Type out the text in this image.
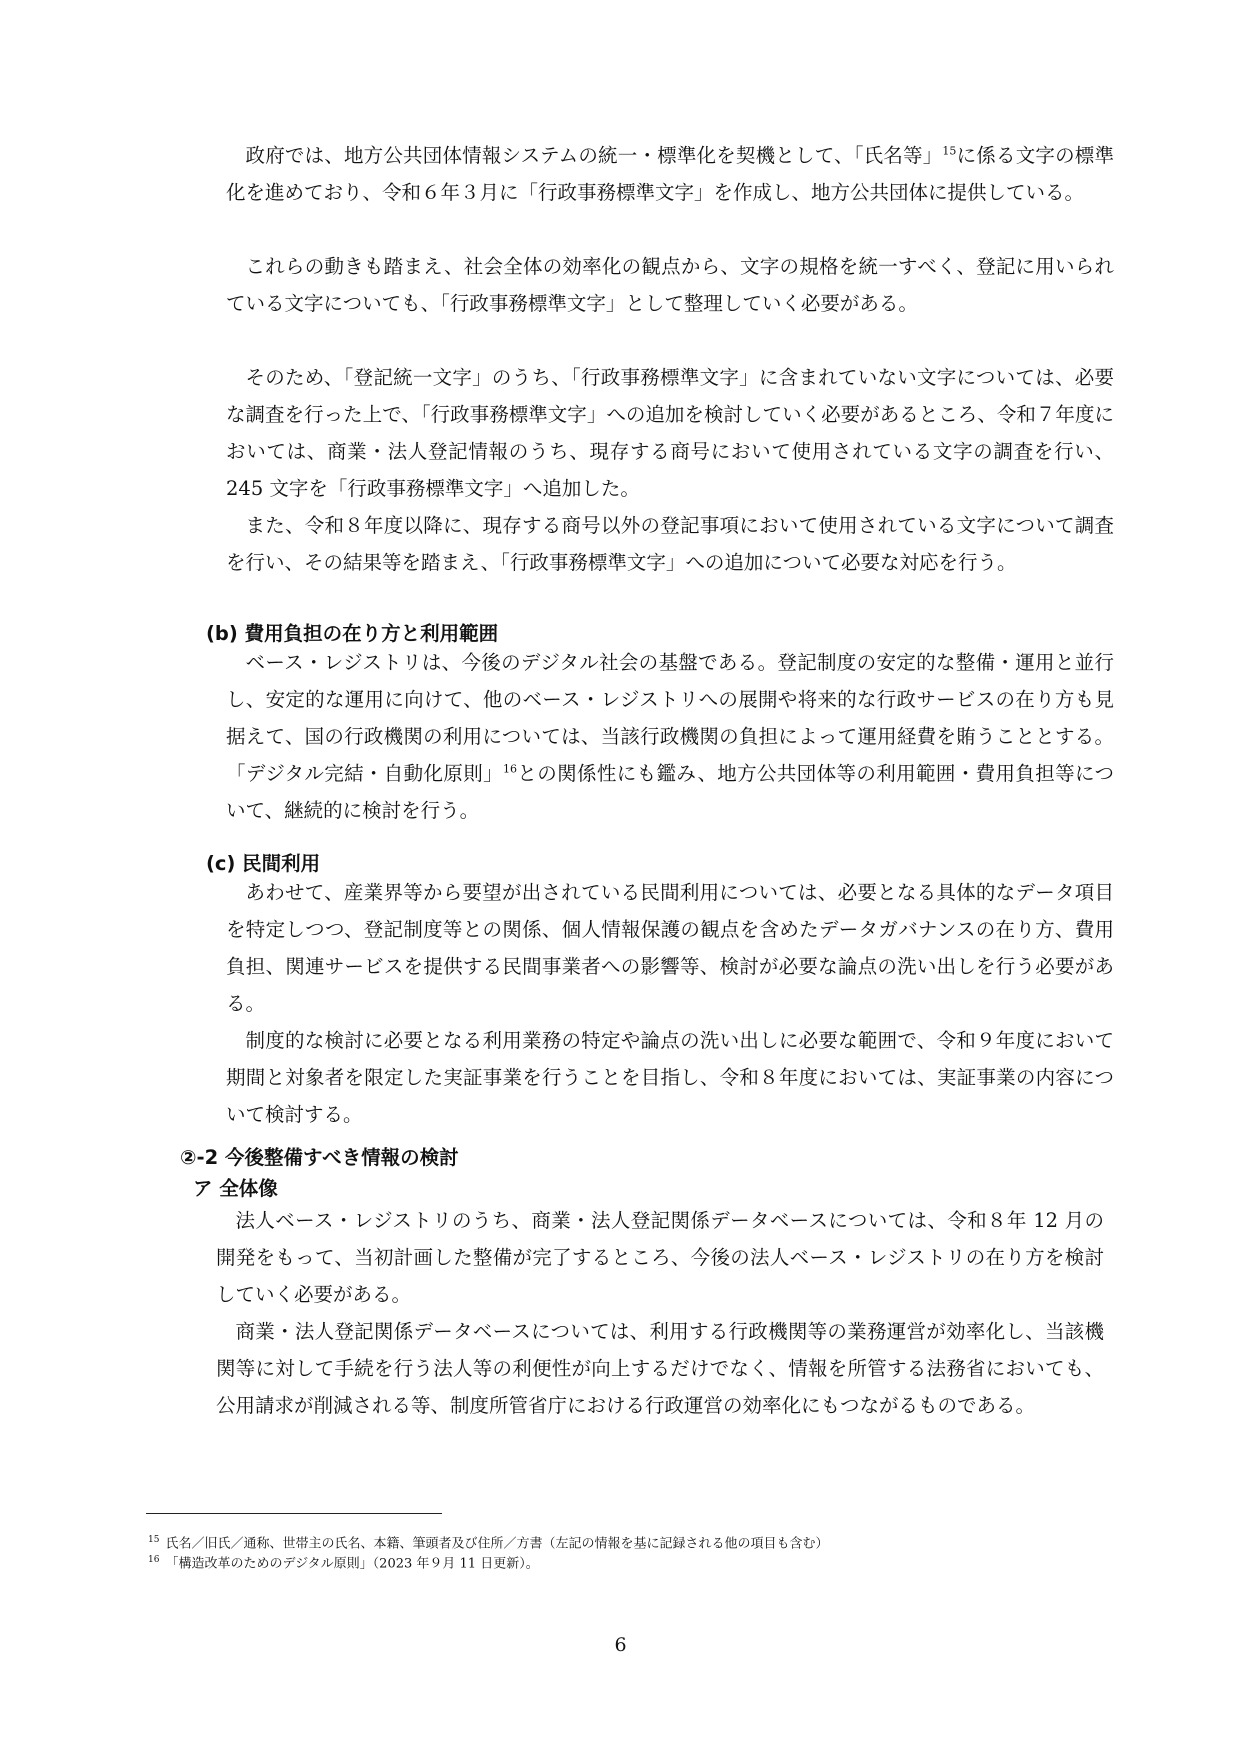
政府では、地方公共団体情報システムの統一・標準化を契機として、「氏名等」$^{15}$に係る文字の標準化を進めており、令和６年３月に「行政事務標準文字」を作成し、地方公共団体に提供している。

これらの動きも踏まえ、社会全体の効率化の観点から、文字の規格を統一すべく、登記に用いられている文字についても、「行政事務標準文字」として整理していく必要がある。

そのため、「登記統一文字」のうち、「行政事務標準文字」に含まれていない文字については、必要な調査を行った上で、「行政事務標準文字」への追加を検討していく必要があるところ、令和７年度においては、商業・法人登記情報のうち、現存する商号において使用されている文字の調査を行い、245 文字を「行政事務標準文字」へ追加した。

また、令和８年度以降に、現存する商号以外の登記事項において使用されている文字について調査を行い、その結果等を踏まえ、「行政事務標準文字」への追加について必要な対応を行う。

(b) 費用負担の在り方と利用範囲

ベース・レジストリは、今後のデジタル社会の基盤である。登記制度の安定的な整備・運用と並行し、安定的な運用に向けて、他のベース・レジストリへの展開や将来的な行政サービスの在り方も見据えて、国の行政機関の利用については、当該行政機関の負担によって運用経費を賄うこととする。「デジタル完結・自動化原則」$^{16}$との関係性にも鑑み、地方公共団体等の利用範囲・費用負担等について、継続的に検討を行う。

(c) 民間利用

あわせて、産業界等から要望が出されている民間利用については、必要となる具体的なデータ項目を特定しつつ、登記制度等との関係、個人情報保護の観点を含めたデータガバナンスの在り方、費用負担、関連サービスを提供する民間事業者への影響等、検討が必要な論点の洗い出しを行う必要がある。

制度的な検討に必要となる利用業務の特定や論点の洗い出しに必要な範囲で、令和９年度において期間と対象者を限定した実証事業を行うことを目指し、令和８年度においては、実証事業の内容について検討する。

②-2 今後整備すべき情報の検討
ア 全体像

法人ベース・レジストリのうち、商業・法人登記関係データベースについては、令和８年 12 月の開発をもって、当初計画した整備が完了するところ、今後の法人ベース・レジストリの在り方を検討していく必要がある。

商業・法人登記関係データベースについては、利用する行政機関等の業務運営が効率化し、当該機関等に対して手続を行う法人等の利便性が向上するだけでなく、情報を所管する法務省においても、公用請求が削減される等、制度所管省庁における行政運営の効率化にもつながるものである。

$^{15}$ 氏名／旧氏／通称、世帯主の氏名、本籍、筆頭者及び住所／方書（左記の情報を基に記録される他の項目も含む）
$^{16}$ 「構造改革のためのデジタル原則」（2023 年９月 11 日更新）。
6
